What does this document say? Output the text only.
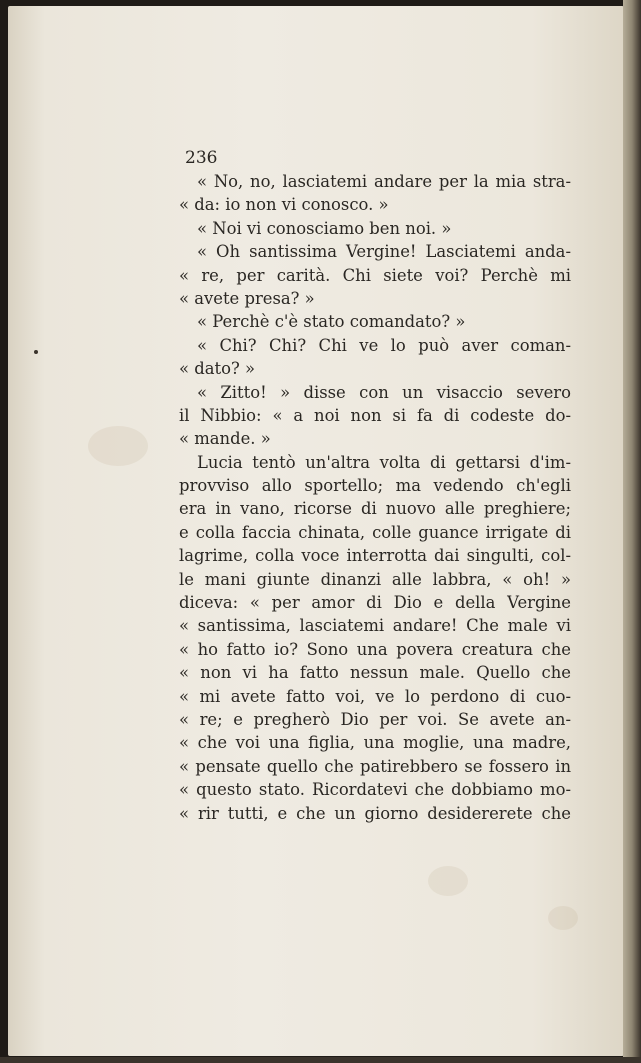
236
« No, no, lasciatemi andare per la mia stra-
« da: io non vi conosco. »
« Noi vi conosciamo ben noi. »
« Oh santissima Vergine! Lasciatemi anda-
« re, per carità. Chi siete voi? Perchè mi
« avete presa? »
« Perchè c'è stato comandato? »
« Chi? Chi? Chi ve lo può aver coman-
« dato? »
« Zitto! » disse con un visaccio severo
il Nibbio: « a noi non si fa di codeste do-
« mande. »
Lucia tentò un'altra volta di gettarsi d'im-
provviso allo sportello; ma vedendo ch'egli
era in vano, ricorse di nuovo alle preghiere;
e colla faccia chinata, colle guance irrigate di
lagrime, colla voce interrotta dai singulti, col-
le mani giunte dinanzi alle labbra, « oh! »
diceva: « per amor di Dio e della Vergine
« santissima, lasciatemi andare! Che male vi
« ho fatto io? Sono una povera creatura che
« non vi ha fatto nessun male. Quello che
« mi avete fatto voi, ve lo perdono di cuo-
« re; e pregherò Dio per voi. Se avete an-
« che voi una figlia, una moglie, una madre,
« pensate quello che patirebbero se fossero in
« questo stato. Ricordatevi che dobbiamo mo-
« rir tutti, e che un giorno desidererete che
